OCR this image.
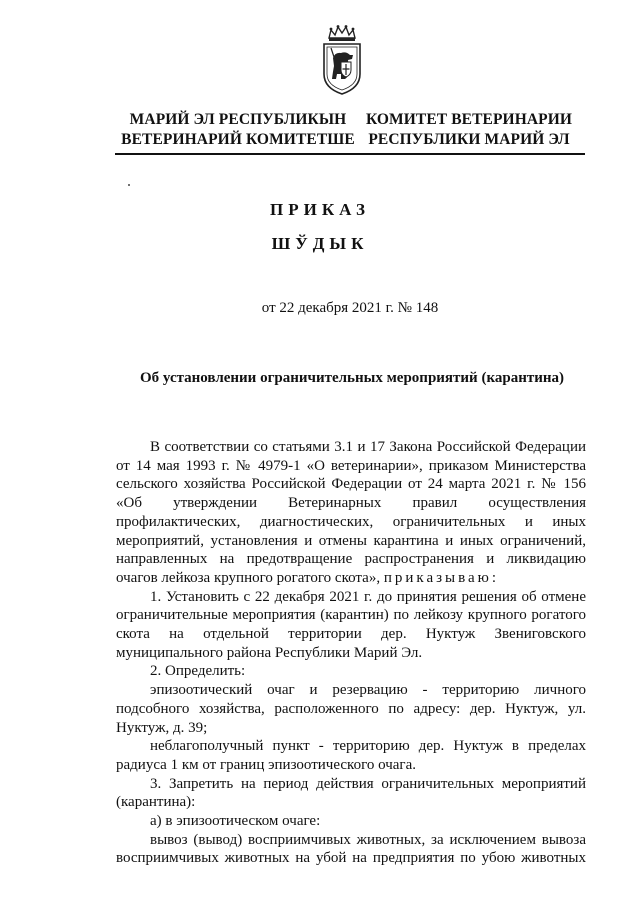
МАРИЙ ЭЛ РЕСПУБЛИКЫН
ВЕТЕРИНАРИЙ КОМИТЕТШЕ
КОМИТЕТ ВЕТЕРИНАРИИ
РЕСПУБЛИКИ МАРИЙ ЭЛ
ПРИКАЗ
ШЎДЫК
от 22 декабря 2021 г. № 148
Об установлении ограничительных мероприятий (карантина)

В соответствии со статьями 3.1 и 17 Закона Российской Федерации от 14 мая 1993 г. № 4979-1 «О ветеринарии», приказом Министерства сельского хозяйства Российской Федерации от 24 марта 2021 г. № 156 «Об утверждении Ветеринарных правил осуществления профилактических, диагностических, ограничительных и иных мероприятий, установления и отмены карантина и иных ограничений, направленных на предотвращение распространения и ликвидацию очагов лейкоза крупного рогатого скота», приказываю:

1. Установить с 22 декабря 2021 г. до принятия решения об отмене ограничительные мероприятия (карантин) по лейкозу крупного рогатого скота на отдельной территории дер. Нуктуж Звениговского муниципального района Республики Марий Эл.

2. Определить:

эпизоотический очаг и резервацию - территорию личного подсобного хозяйства, расположенного по адресу: дер. Нуктуж, ул. Нуктуж, д. 39;

неблагополучный пункт - территорию дер. Нуктуж в пределах радиуса 1 км от границ эпизоотического очага.

3. Запретить на период действия ограничительных мероприятий (карантина):

а) в эпизоотическом очаге:

вывоз (вывод) восприимчивых животных, за исключением вывоза восприимчивых животных на убой на предприятия по убою животных
